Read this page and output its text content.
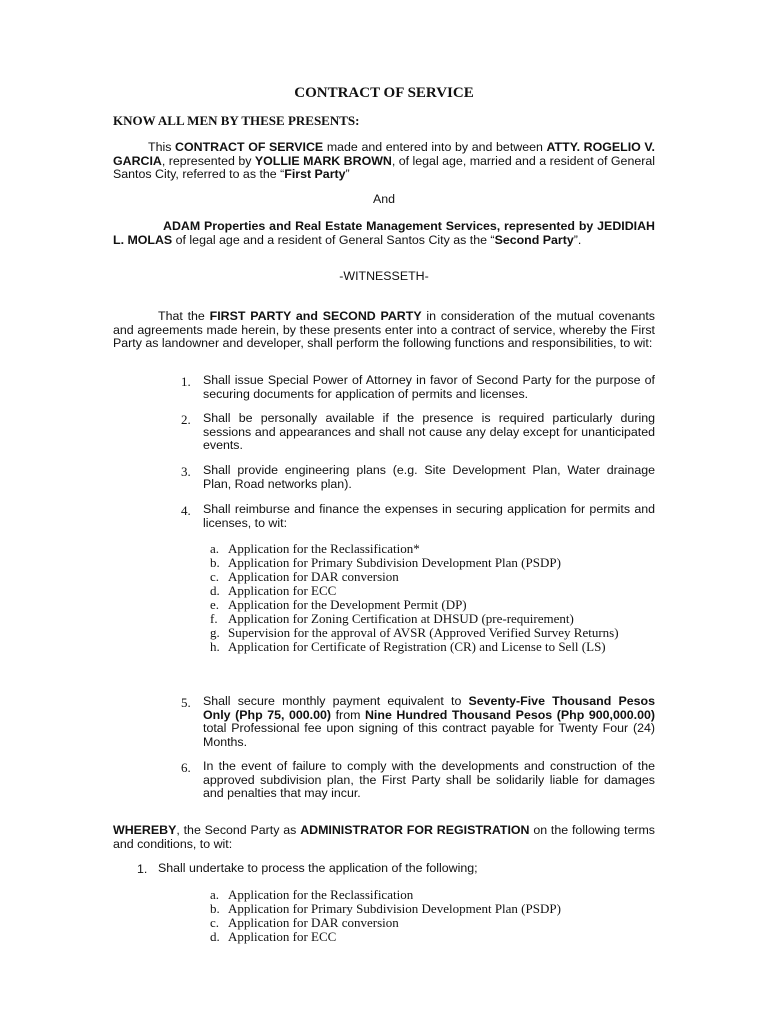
CONTRACT OF SERVICE
KNOW ALL MEN BY THESE PRESENTS:
This CONTRACT OF SERVICE made and entered into by and between ATTY. ROGELIO V. GARCIA, represented by YOLLIE MARK BROWN, of legal age, married and a resident of General Santos City, referred to as the “First Party”
And
ADAM Properties and Real Estate Management Services, represented by JEDIDIAH L. MOLAS of legal age and a resident of General Santos City as the “Second Party”.
-WITNESSETH-
That the FIRST PARTY and SECOND PARTY in consideration of the mutual covenants and agreements made herein, by these presents enter into a contract of service, whereby the First Party as landowner and developer, shall perform the following functions and responsibilities, to wit:
1. Shall issue Special Power of Attorney in favor of Second Party for the purpose of securing documents for application of permits and licenses.
2. Shall be personally available if the presence is required particularly during sessions and appearances and shall not cause any delay except for unanticipated events.
3. Shall provide engineering plans (e.g. Site Development Plan, Water drainage Plan, Road networks plan).
4. Shall reimburse and finance the expenses in securing application for permits and licenses, to wit:
a. Application for the Reclassification*
b. Application for Primary Subdivision Development Plan (PSDP)
c. Application for DAR conversion
d. Application for ECC
e. Application for the Development Permit (DP)
f. Application for Zoning Certification at DHSUD (pre-requirement)
g. Supervision for the approval of AVSR (Approved Verified Survey Returns)
h. Application for Certificate of Registration (CR) and License to Sell (LS)
5. Shall secure monthly payment equivalent to Seventy-Five Thousand Pesos Only (Php 75, 000.00) from Nine Hundred Thousand Pesos (Php 900,000.00) total Professional fee upon signing of this contract payable for Twenty Four (24) Months.
6. In the event of failure to comply with the developments and construction of the approved subdivision plan, the First Party shall be solidarily liable for damages and penalties that may incur.
WHEREBY, the Second Party as ADMINISTRATOR FOR REGISTRATION on the following terms and conditions, to wit:
1. Shall undertake to process the application of the following;
a. Application for the Reclassification
b. Application for Primary Subdivision Development Plan (PSDP)
c. Application for DAR conversion
d. Application for ECC
